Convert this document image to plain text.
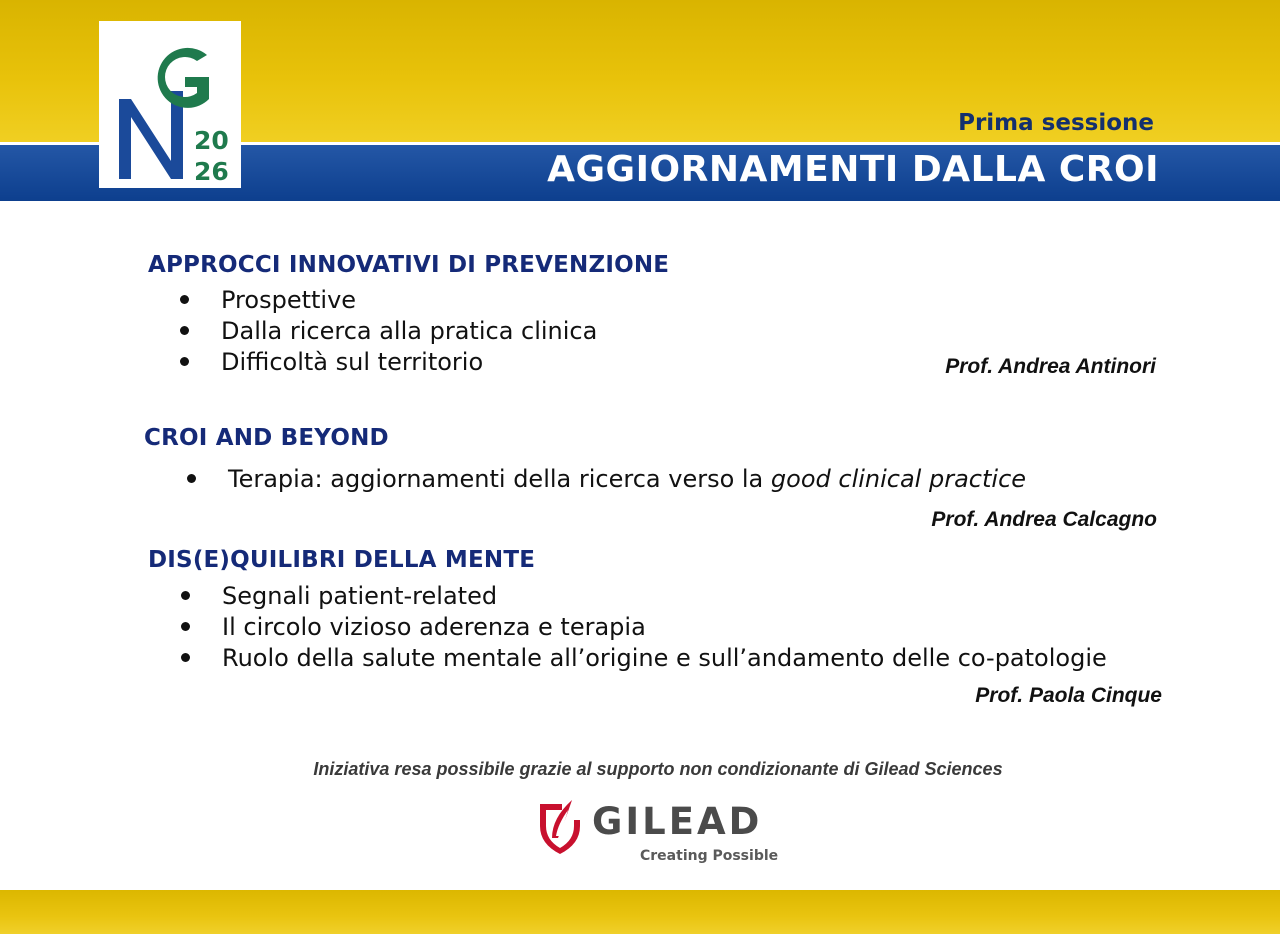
G
N 20
26
Prima sessione
AGGIORNAMENTI DALLA CROI
APPROCCI INNOVATIVI DI PREVENZIONE
Prospettive
Dalla ricerca alla pratica clinica
Difficoltà sul territorio	Prof. Andrea Antinori
CROI AND BEYOND
Terapia: aggiornamenti della ricerca verso la good clinical practice
Prof. Andrea Calcagno
DIS(E)QUILIBRI DELLA MENTE
Segnali patient-related
Il circolo vizioso aderenza e terapia
Ruolo della salute mentale all’origine e sull’andamento delle co-patologie
Prof. Paola Cinque
Iniziativa resa possibile grazie al supporto non condizionante di Gilead Sciences
GILEAD
Creating Possible
